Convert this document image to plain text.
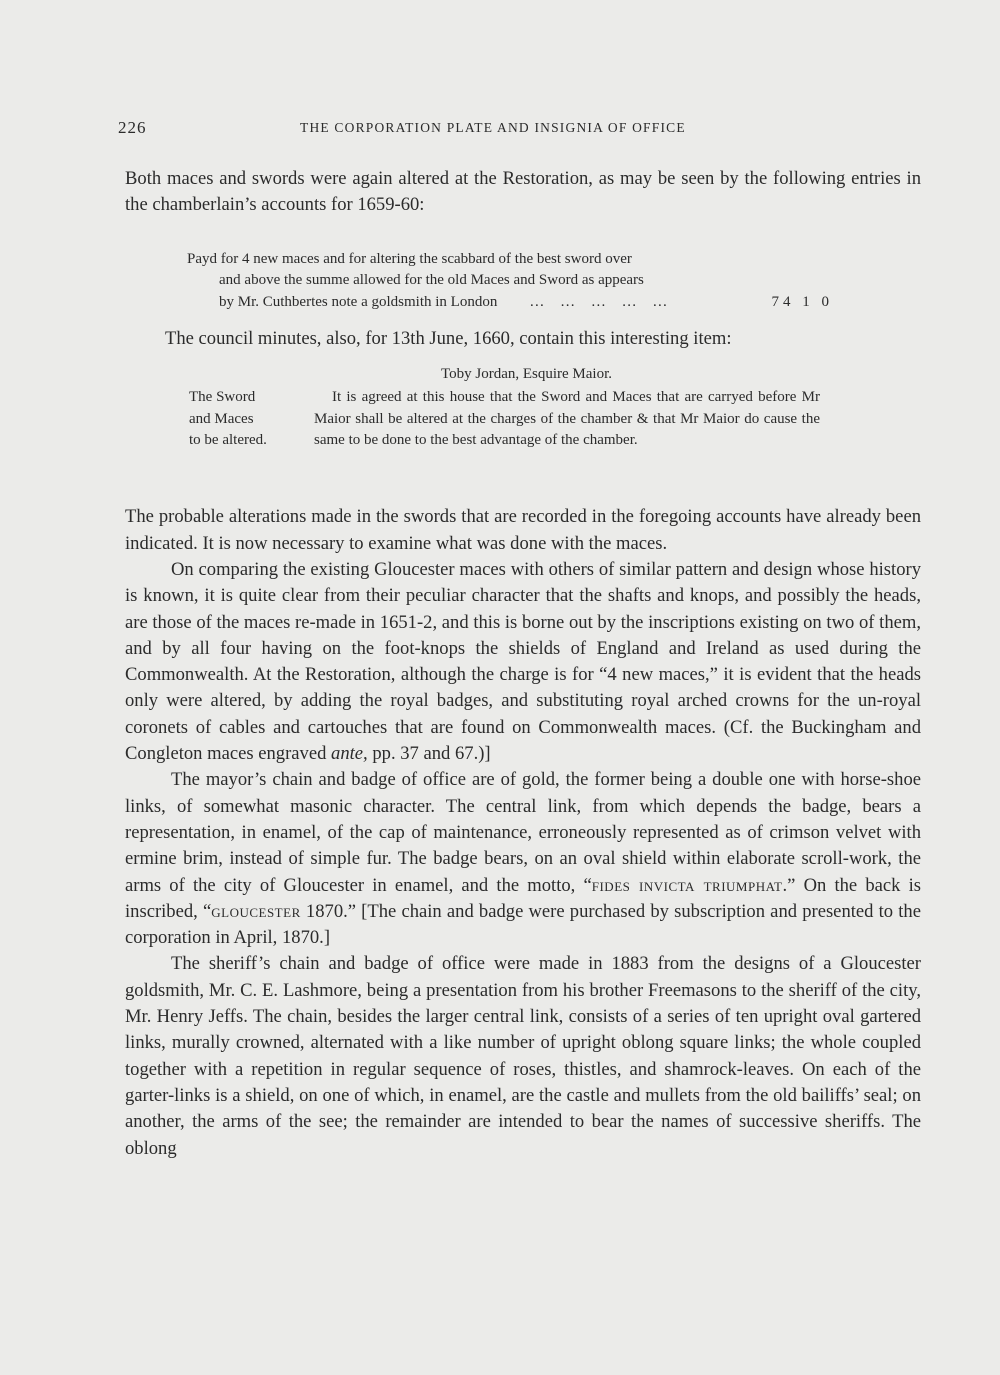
226	THE CORPORATION PLATE AND INSIGNIA OF OFFICE

Both maces and swords were again altered at the Restoration, as may be seen by the following entries in the chamberlain’s accounts for 1659-60:

Payd for 4 new maces and for altering the scabbard of the best sword over
and above the summe allowed for the old Maces and Sword as appears
by Mr. Cuthbertes note a goldsmith in London	… … … … …	74 1 0

The council minutes, also, for 13th June, 1660, contain this interesting item:

Toby Jordan, Esquire Maior.
The Sword
and Maces
to be altered.
It is agreed at this house that the Sword and Maces that are carryed before Mr Maior shall be altered at the charges of the chamber & that Mr Maior do cause the same to be done to the best advantage of the chamber.

The probable alterations made in the swords that are recorded in the foregoing accounts have already been indicated. It is now necessary to examine what was done with the maces.

On comparing the existing Gloucester maces with others of similar pattern and design whose history is known, it is quite clear from their peculiar character that the shafts and knops, and possibly the heads, are those of the maces re-made in 1651-2, and this is borne out by the inscriptions existing on two of them, and by all four having on the foot-knops the shields of England and Ireland as used during the Commonwealth. At the Restoration, although the charge is for “4 new maces,” it is evident that the heads only were altered, by adding the royal badges, and substituting royal arched crowns for the un-royal coronets of cables and cartouches that are found on Commonwealth maces. (Cf. the Buckingham and Congleton maces engraved ante, pp. 37 and 67.)]

The mayor’s chain and badge of office are of gold, the former being a double one with horse-shoe links, of somewhat masonic character. The central link, from which depends the badge, bears a representation, in enamel, of the cap of maintenance, erroneously represented as of crimson velvet with ermine brim, instead of simple fur. The badge bears, on an oval shield within elaborate scroll-work, the arms of the city of Gloucester in enamel, and the motto, “fides invicta triumphat.” On the back is inscribed, “gloucester 1870.” [The chain and badge were purchased by subscription and presented to the corporation in April, 1870.]

The sheriff’s chain and badge of office were made in 1883 from the designs of a Gloucester goldsmith, Mr. C. E. Lashmore, being a presentation from his brother Freemasons to the sheriff of the city, Mr. Henry Jeffs. The chain, besides the larger central link, consists of a series of ten upright oval gartered links, murally crowned, alternated with a like number of upright oblong square links; the whole coupled together with a repetition in regular sequence of roses, thistles, and shamrock-leaves. On each of the garter-links is a shield, on one of which, in enamel, are the castle and mullets from the old bailiffs’ seal; on another, the arms of the see; the remainder are intended to bear the names of successive sheriffs. The oblong
